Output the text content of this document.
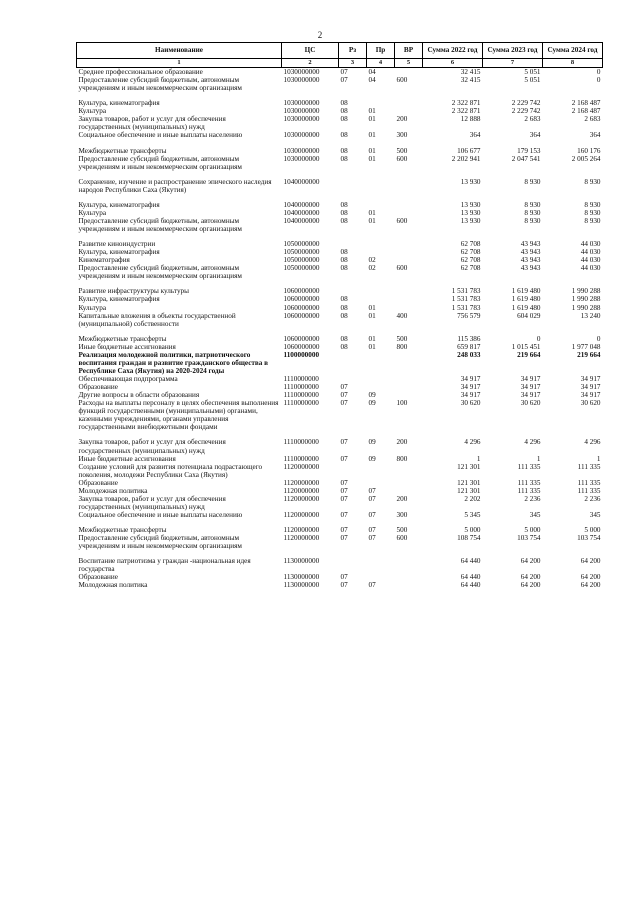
2
Наименование	ЦС	Рз	Пр	ВР	Сумма 2022 год	Сумма 2023 год	Сумма 2024 год
1	2	3	4	5	6	7	8
Среднее профессиональное образование	1030000000	07	04		32 415	5 051	0
Предоставление субсидий бюджетным, автономным учреждениям и иным некоммерческим организациям	1030000000	07	04	600	32 415	5 051	0

Культура, кинематография	1030000000	08			2 322 871	2 229 742	2 168 487
Культура	1030000000	08	01		2 322 871	2 229 742	2 168 487
Закупка товаров, работ и услуг для обеспечения государственных (муниципальных) нужд	1030000000	08	01	200	12 888	2 683	2 683
Социальное обеспечение и иные выплаты населению	1030000000	08	01	300	364	364	364

Межбюджетные трансферты	1030000000	08	01	500	106 677	179 153	160 176
Предоставление субсидий бюджетным, автономным учреждениям и иным некоммерческим организациям	1030000000	08	01	600	2 202 941	2 047 541	2 005 264

Сохранение, изучение и распространение эпического наследия народов Республики Саха (Якутия)	1040000000				13 930	8 930	8 930

Культура, кинематография	1040000000	08			13 930	8 930	8 930
Культура	1040000000	08	01		13 930	8 930	8 930
Предоставление субсидий бюджетным, автономным учреждениям и иным некоммерческим организациям	1040000000	08	01	600	13 930	8 930	8 930

Развитие киноиндустрии	1050000000				62 708	43 943	44 030
Культура, кинематография	1050000000	08			62 708	43 943	44 030
Кинематография	1050000000	08	02		62 708	43 943	44 030
Предоставление субсидий бюджетным, автономным учреждениям и иным некоммерческим организациям	1050000000	08	02	600	62 708	43 943	44 030

Развитие инфраструктуры культуры	1060000000				1 531 783	1 619 480	1 990 288
Культура, кинематография	1060000000	08			1 531 783	1 619 480	1 990 288
Культура	1060000000	08	01		1 531 783	1 619 480	1 990 288
Капитальные вложения в объекты государственной (муниципальной) собственности	1060000000	08	01	400	756 579	604 029	13 240

Межбюджетные трансферты	1060000000	08	01	500	115 386	0	0
Иные бюджетные ассигнования	1060000000	08	01	800	659 817	1 015 451	1 977 048
Реализация молодежной политики, патриотического воспитания граждан и развитие гражданского общества в Республике Саха (Якутия) на 2020-2024 годы	1100000000				248 033	219 664	219 664
Обеспечивающая подпрограмма	1110000000				34 917	34 917	34 917
Образование	1110000000	07			34 917	34 917	34 917
Другие вопросы в области образования	1110000000	07	09		34 917	34 917	34 917
Расходы на выплаты персоналу в целях обеспечения выполнения функций государственными (муниципальными) органами, казенными учреждениями, органами управления государственными внебюджетными фондами	1110000000	07	09	100	30 620	30 620	30 620

Закупка товаров, работ и услуг для обеспечения государственных (муниципальных) нужд	1110000000	07	09	200	4 296	4 296	4 296
Иные бюджетные ассигнования	1110000000	07	09	800	1	1	1
Создание условий для развития потенциала подрастающего поколения, молодежи Республики Саха (Якутия)	1120000000				121 301	111 335	111 335
Образование	1120000000	07			121 301	111 335	111 335
Молодежная политика	1120000000	07	07		121 301	111 335	111 335
Закупка товаров, работ и услуг для обеспечения государственных (муниципальных) нужд	1120000000	07	07	200	2 202	2 236	2 236
Социальное обеспечение и иные выплаты населению	1120000000	07	07	300	5 345	345	345

Межбюджетные трансферты	1120000000	07	07	500	5 000	5 000	5 000
Предоставление субсидий бюджетным, автономным учреждениям и иным некоммерческим организациям	1120000000	07	07	600	108 754	103 754	103 754

Воспитание патриотизма у граждан -национальная идея государства	1130000000				64 440	64 200	64 200
Образование	1130000000	07			64 440	64 200	64 200
Молодежная политика	1130000000	07	07		64 440	64 200	64 200
